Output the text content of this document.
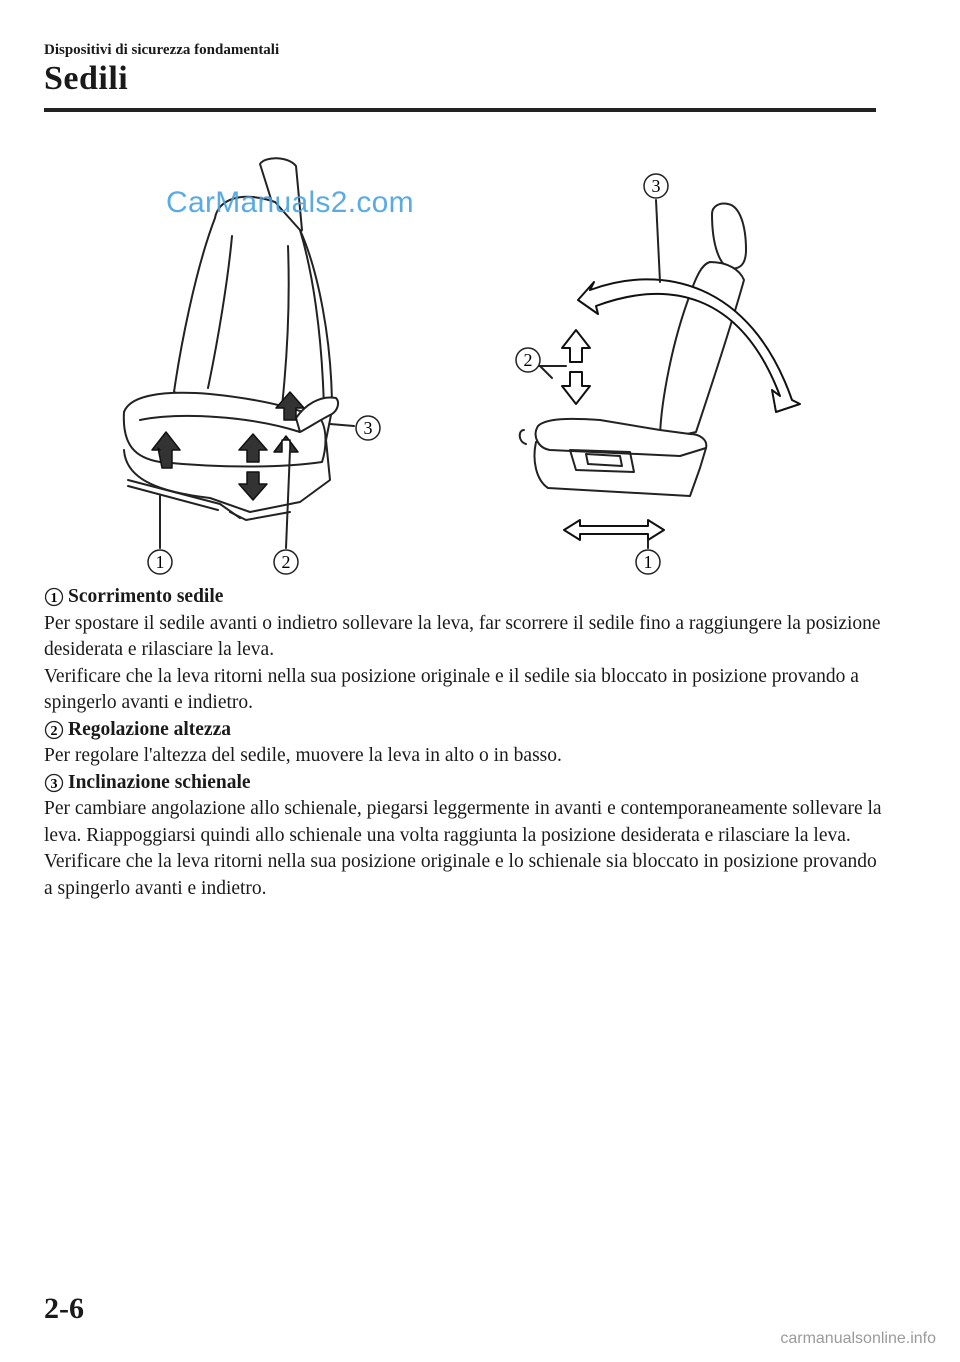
Dispositivi di sicurezza fondamentali
Sedili
1	2
3
3
2
1
CarManuals2.com
1 Scorrimento sedile

Per spostare il sedile avanti o indietro sollevare la leva, far scorrere il sedile fino a raggiungere la posizione desiderata e rilasciare la leva.

Verificare che la leva ritorni nella sua posizione originale e il sedile sia bloccato in posizione provando a spingerlo avanti e indietro.

2 Regolazione altezza

Per regolare l'altezza del sedile, muovere la leva in alto o in basso.

3 Inclinazione schienale

Per cambiare angolazione allo schienale, piegarsi leggermente in avanti e contemporaneamente sollevare la leva. Riappoggiarsi quindi allo schienale una volta raggiunta la posizione desiderata e rilasciare la leva.

Verificare che la leva ritorni nella sua posizione originale e lo schienale sia bloccato in posizione provando a spingerlo avanti e indietro.

2-6
carmanualsonline.info
